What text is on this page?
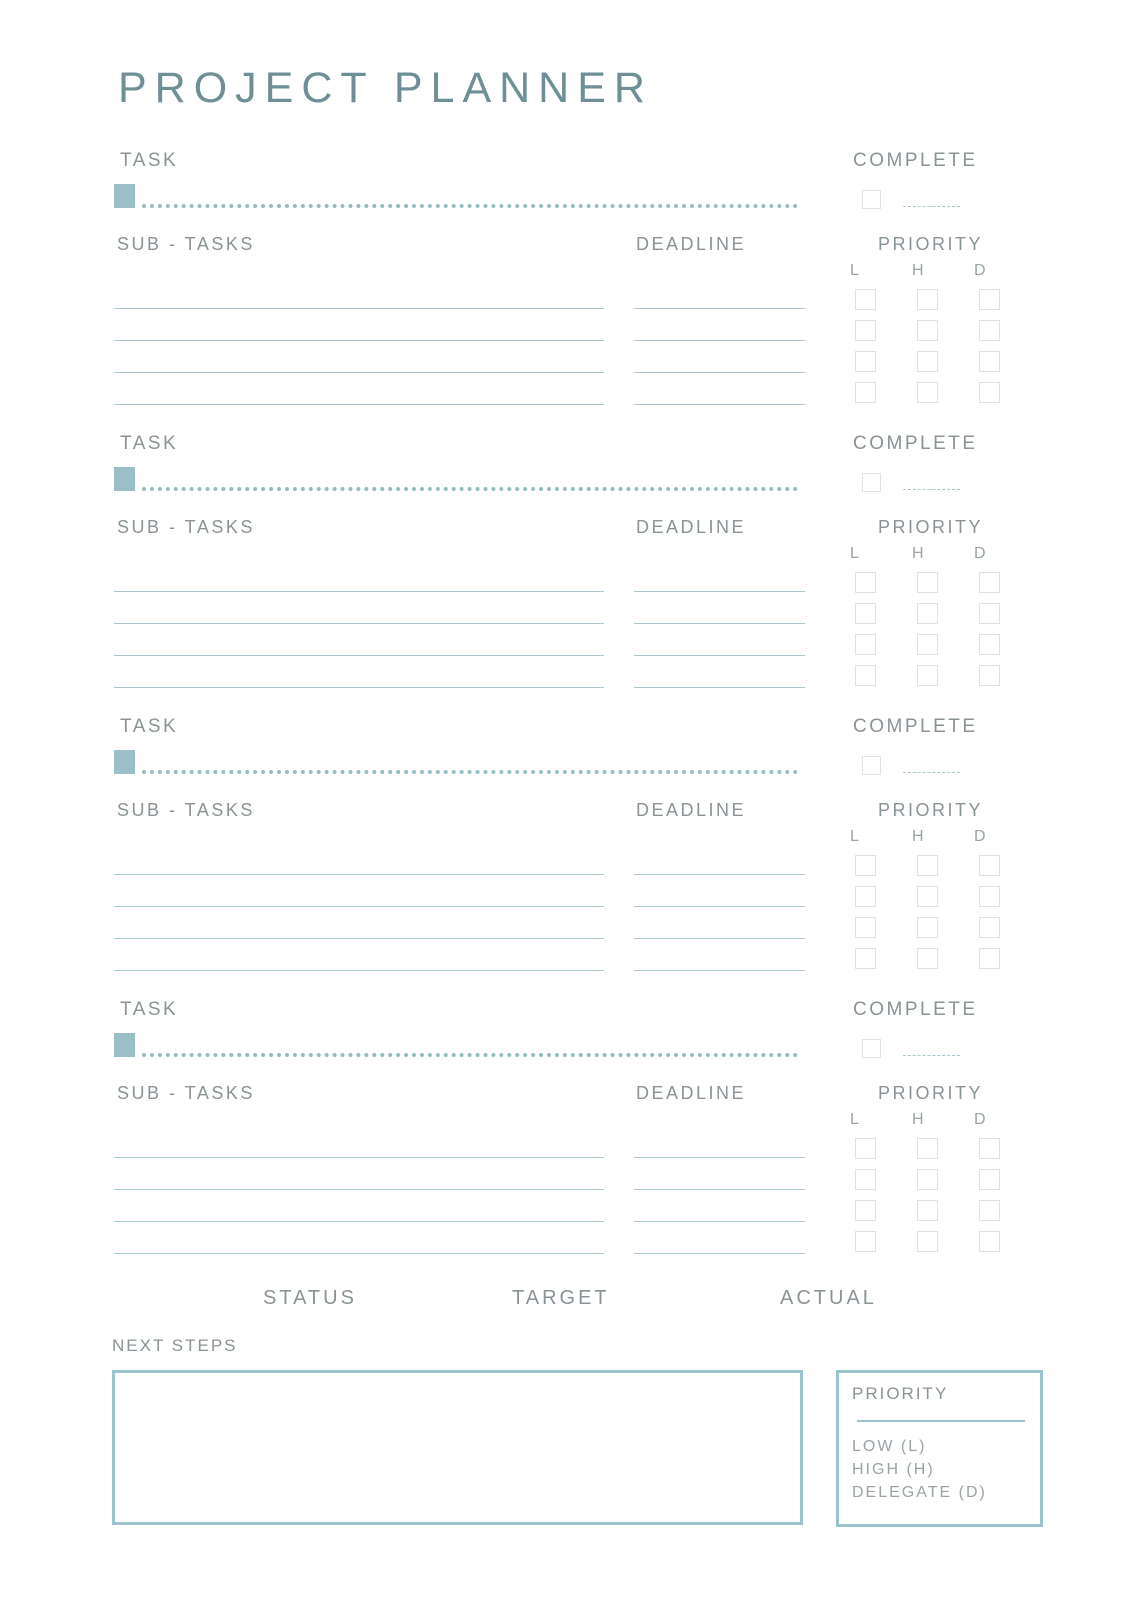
PROJECT PLANNER
TASK	COMPLETE
SUB - TASKS	DEADLINE	PRIORITY
L	H	D
TASK	COMPLETE
SUB - TASKS	DEADLINE	PRIORITY
L	H	D
TASK	COMPLETE
SUB - TASKS	DEADLINE	PRIORITY
L	H	D
TASK	COMPLETE
SUB - TASKS	DEADLINE	PRIORITY
L	H	D
STATUS	TARGET	ACTUAL
NEXT STEPS
PRIORITY
LOW (L)
HIGH (H)
DELEGATE (D)
